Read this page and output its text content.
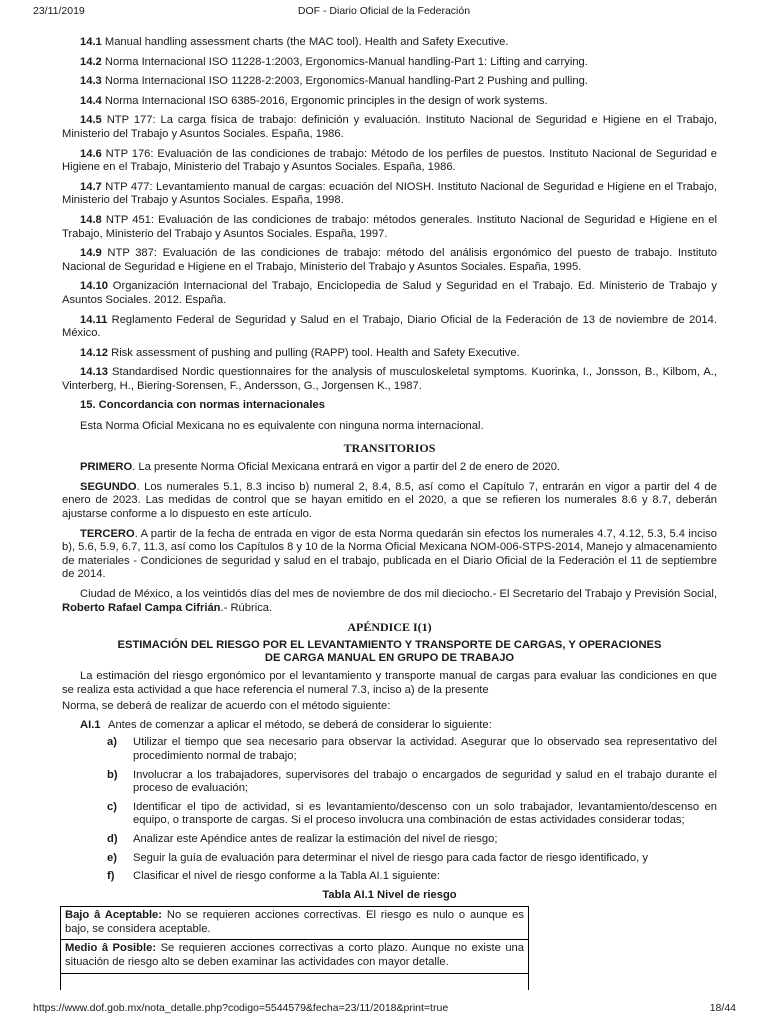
23/11/2019	DOF - Diario Oficial de la Federación

14.1 Manual handling assessment charts (the MAC tool). Health and Safety Executive.

14.2 Norma Internacional ISO 11228-1:2003, Ergonomics-Manual handling-Part 1: Lifting and carrying.

14.3 Norma Internacional ISO 11228-2:2003, Ergonomics-Manual handling-Part 2 Pushing and pulling.

14.4 Norma Internacional ISO 6385-2016, Ergonomic principles in the design of work systems.

14.5 NTP 177: La carga física de trabajo: definición y evaluación. Instituto Nacional de Seguridad e Higiene en el Trabajo, Ministerio del Trabajo y Asuntos Sociales. España, 1986.

14.6 NTP 176: Evaluación de las condiciones de trabajo: Método de los perfiles de puestos. Instituto Nacional de Seguridad e Higiene en el Trabajo, Ministerio del Trabajo y Asuntos Sociales. España, 1986.

14.7 NTP 477: Levantamiento manual de cargas: ecuación del NIOSH. Instituto Nacional de Seguridad e Higiene en el Trabajo, Ministerio del Trabajo y Asuntos Sociales. España, 1998.

14.8 NTP 451: Evaluación de las condiciones de trabajo: métodos generales. Instituto Nacional de Seguridad e Higiene en el Trabajo, Ministerio del Trabajo y Asuntos Sociales. España, 1997.

14.9 NTP 387: Evaluación de las condiciones de trabajo: método del análisis ergonómico del puesto de trabajo. Instituto Nacional de Seguridad e Higiene en el Trabajo, Ministerio del Trabajo y Asuntos Sociales. España, 1995.

14.10 Organización Internacional del Trabajo, Enciclopedia de Salud y Seguridad en el Trabajo. Ed. Ministerio de Trabajo y Asuntos Sociales. 2012. España.

14.11 Reglamento Federal de Seguridad y Salud en el Trabajo, Diario Oficial de la Federación de 13 de noviembre de 2014. México.

14.12 Risk assessment of pushing and pulling (RAPP) tool. Health and Safety Executive.

14.13 Standardised Nordic questionnaires for the analysis of musculoskeletal symptoms. Kuorinka, I., Jonsson, B., Kilbom, A., Vinterberg, H., Biering-Sorensen, F., Andersson, G., Jorgensen K., 1987.

15. Concordancia con normas internacionales

Esta Norma Oficial Mexicana no es equivalente con ninguna norma internacional.

TRANSITORIOS

PRIMERO. La presente Norma Oficial Mexicana entrará en vigor a partir del 2 de enero de 2020.

SEGUNDO. Los numerales 5.1, 8.3 inciso b) numeral 2, 8.4, 8.5, así como el Capítulo 7, entrarán en vigor a partir del 4 de enero de 2023. Las medidas de control que se hayan emitido en el 2020, a que se refieren los numerales 8.6 y 8.7, deberán ajustarse conforme a lo dispuesto en este artículo.

TERCERO. A partir de la fecha de entrada en vigor de esta Norma quedarán sin efectos los numerales 4.7, 4.12, 5.3, 5.4 inciso b), 5.6, 5.9, 6.7, 11.3, así como los Capítulos 8 y 10 de la Norma Oficial Mexicana NOM-006-STPS-2014, Manejo y almacenamiento de materiales - Condiciones de seguridad y salud en el trabajo, publicada en el Diario Oficial de la Federación el 11 de septiembre de 2014.

Ciudad de México, a los veintidós días del mes de noviembre de dos mil dieciocho.- El Secretario del Trabajo y Previsión Social, Roberto Rafael Campa Cifrián.- Rúbrica.

APÉNDICE I(1)

ESTIMACIÓN DEL RIESGO POR EL LEVANTAMIENTO Y TRANSPORTE DE CARGAS, Y OPERACIONES
DE CARGA MANUAL EN GRUPO DE TRABAJO

La estimación del riesgo ergonómico por el levantamiento y transporte manual de cargas para evaluar las condiciones en que se realiza esta actividad a que hace referencia el numeral 7.3, inciso a) de la presente

Norma, se deberá de realizar de acuerdo con el método siguiente:

AI.1 Antes de comenzar a aplicar el método, se deberá de considerar lo siguiente:

a)	Utilizar el tiempo que sea necesario para observar la actividad. Asegurar que lo observado sea representativo del procedimiento normal de trabajo;
b)	Involucrar a los trabajadores, supervisores del trabajo o encargados de seguridad y salud en el trabajo durante el proceso de evaluación;
c)	Identificar el tipo de actividad, si es levantamiento/descenso con un solo trabajador, levantamiento/descenso en equipo, o transporte de cargas. Si el proceso involucra una combinación de estas actividades considerar todas;
d)	Analizar este Apéndice antes de realizar la estimación del nivel de riesgo;
e)	Seguir la guía de evaluación para determinar el nivel de riesgo para cada factor de riesgo identificado, y
f)	Clasificar el nivel de riesgo conforme a la Tabla AI.1 siguiente:

Tabla AI.1 Nivel de riesgo

Bajo â Aceptable: No se requieren acciones correctivas. El riesgo es nulo o aunque es bajo, se considera aceptable.
Medio â Posible: Se requieren acciones correctivas a corto plazo. Aunque no existe una situación de riesgo alto se deben examinar las actividades con mayor detalle.
https://www.dof.gob.mx/nota_detalle.php?codigo=5544579&fecha=23/11/2018&print=true	18/44
